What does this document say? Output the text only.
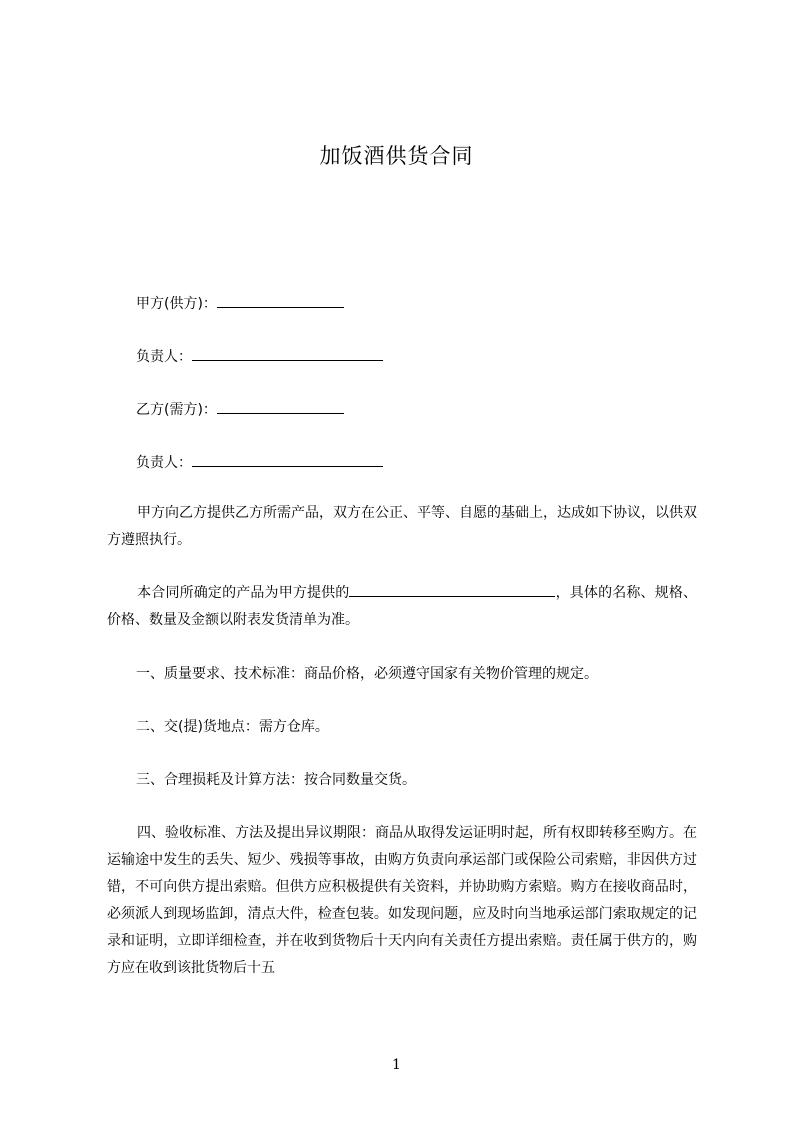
加饭酒供货合同
甲方(供方)：
负责人：
乙方(需方)：
负责人：

甲方向乙方提供乙方所需产品，双方在公正、平等、自愿的基础上，达成如下协议，以供双方遵照执行。

本合同所确定的产品为甲方提供的	，具体的名称、规格、价格、数量及金额以附表发货清单为准。

一、质量要求、技术标准：商品价格，必须遵守国家有关物价管理的规定。
二、交(提)货地点：需方仓库。
三、合理损耗及计算方法：按合同数量交货。

四、验收标准、方法及提出异议期限：商品从取得发运证明时起，所有权即转移至购方。在运输途中发生的丢失、短少、残损等事故，由购方负责向承运部门或保险公司索赔，非因供方过错，不可向供方提出索赔。但供方应积极提供有关资料，并协助购方索赔。购方在接收商品时，必须派人到现场监卸，清点大件，检查包装。如发现问题，应及时向当地承运部门索取规定的记录和证明，立即详细检查，并在收到货物后十天内向有关责任方提出索赔。责任属于供方的，购方应在收到该批货物后十五

1
